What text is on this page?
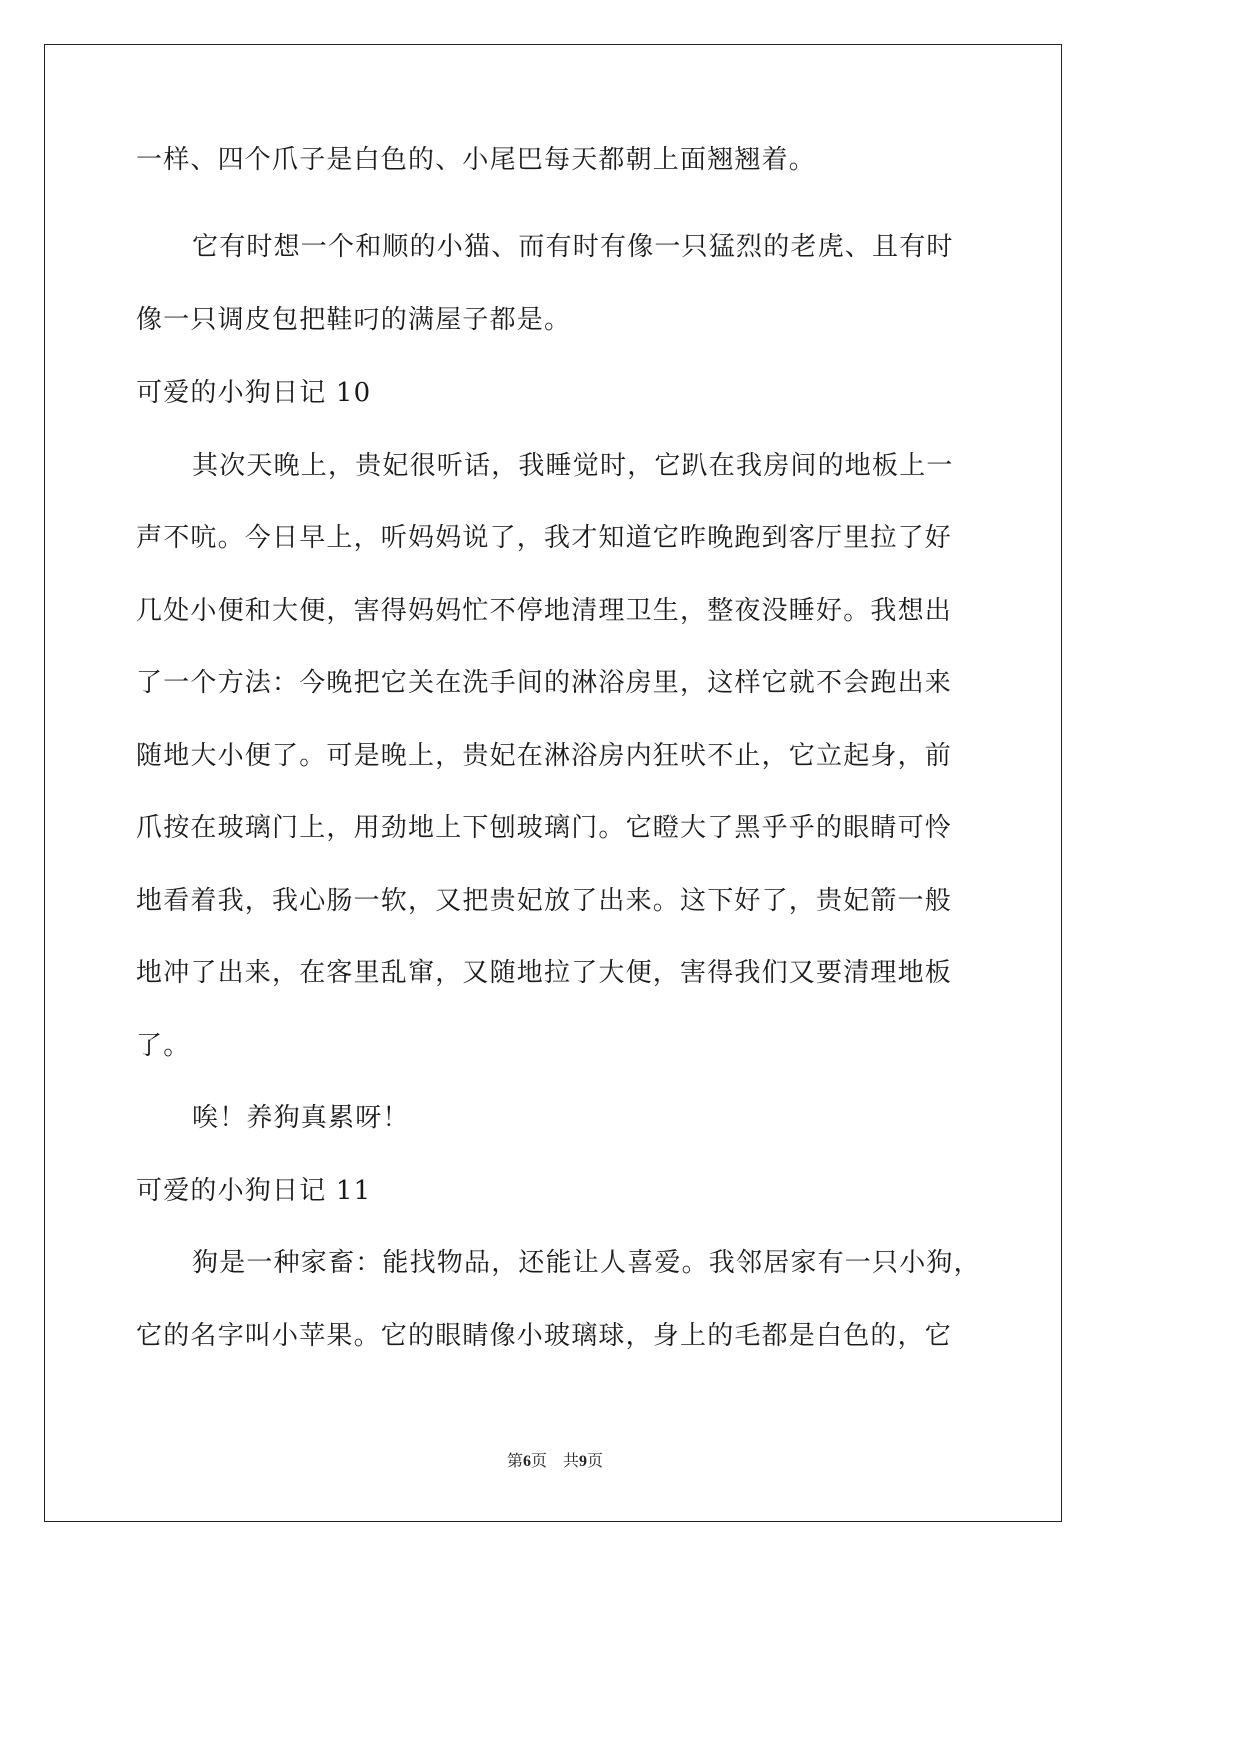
一样、四个爪子是白色的、小尾巴每天都朝上面翘翘着。
它有时想一个和顺的小猫、而有时有像一只猛烈的老虎、且有时
像一只调皮包把鞋叼的满屋子都是。
可爱的小狗日记 10
其次天晚上，贵妃很听话，我睡觉时，它趴在我房间的地板上一
声不吭。今日早上，听妈妈说了，我才知道它昨晚跑到客厅里拉了好
几处小便和大便，害得妈妈忙不停地清理卫生，整夜没睡好。我想出
了一个方法：今晚把它关在洗手间的淋浴房里，这样它就不会跑出来
随地大小便了。可是晚上，贵妃在淋浴房内狂吠不止，它立起身，前
爪按在玻璃门上，用劲地上下刨玻璃门。它瞪大了黑乎乎的眼睛可怜
地看着我，我心肠一软，又把贵妃放了出来。这下好了，贵妃箭一般
地冲了出来，在客里乱窜，又随地拉了大便，害得我们又要清理地板
了。
唉！养狗真累呀！
可爱的小狗日记 11
狗是一种家畜：能找物品，还能让人喜爱。我邻居家有一只小狗，
它的名字叫小苹果。它的眼睛像小玻璃球，身上的毛都是白色的，它
第6页　共9页
